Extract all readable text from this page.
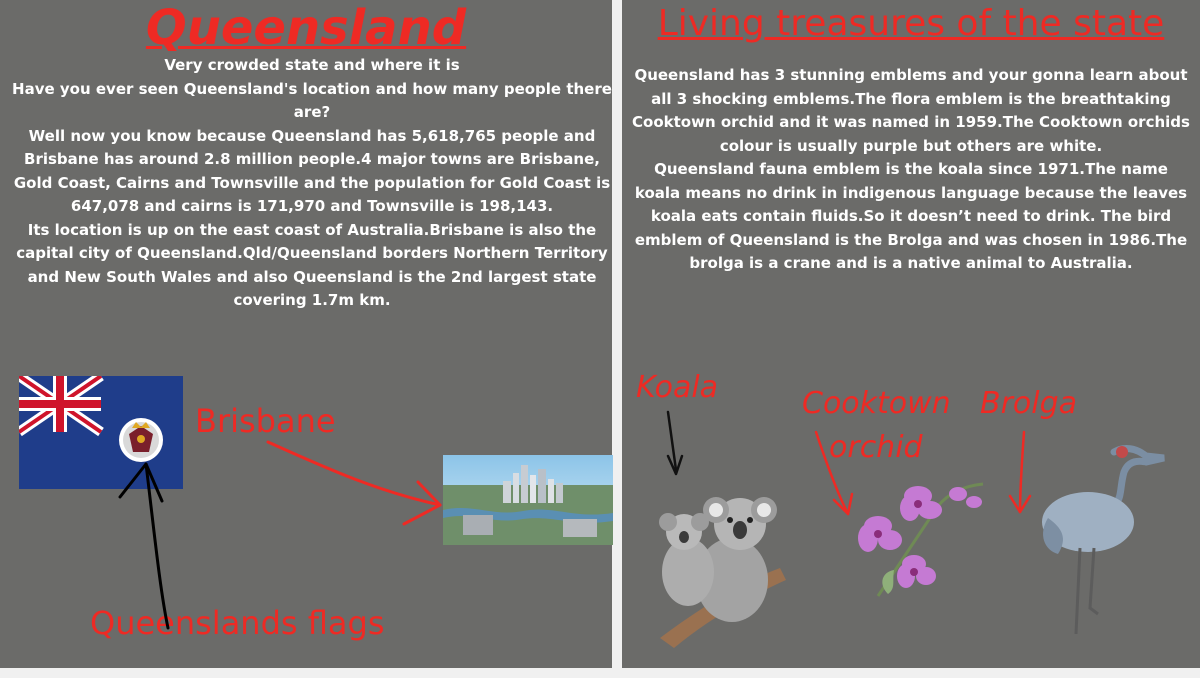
Queensland

Very crowded state and where it is

Have you ever seen Queensland's location and how many people there are?

Well now you know because Queensland has 5,618,765 people and Brisbane has around 2.8 million people.4 major towns are Brisbane, Gold Coast, Cairns and Townsville and the population for Gold Coast is 647,078 and cairns is 171,970 and Townsville is 198,143.

Its location is up on the east coast of Australia.Brisbane is also the capital city of Queensland.Qld/Queensland borders Northern Territory and New South Wales and also Queensland is the 2nd largest state covering 1.7m km.

Brisbane
Queenslands flags
Living treasures of the state

Queensland has 3 stunning emblems and your gonna learn about all 3 shocking emblems.The flora emblem is the breathtaking Cooktown orchid and it was named in 1959.The Cooktown orchids colour is usually purple but others are white.

Queensland fauna emblem is the koala since 1971.The name koala means no drink in indigenous language because the leaves koala eats contain fluids.So it doesn’t need to drink. The bird emblem of Queensland is the Brolga and was chosen in 1986.The brolga is a crane and is a native animal to Australia.

Koala	Cooktown
orchid
Brolga
